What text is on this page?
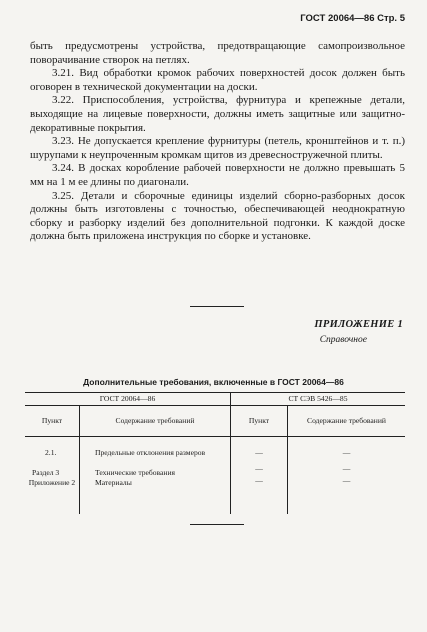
ГОСТ 20064—86 Стр. 5

быть предусмотрены устройства, предотвращающие самопроизвольное поворачивание створок на петлях.

3.21. Вид обработки кромок рабочих поверхностей досок должен быть оговорен в технической документации на доски.

3.22. Приспособления, устройства, фурнитура и крепежные детали, выходящие на лицевые поверхности, должны иметь защитные или защитно-декоративные покрытия.

3.23. Не допускается крепление фурнитуры (петель, кронштейнов и т. п.) шурупами к неупроченным кромкам щитов из древесностружечной плиты.

3.24. В досках коробление рабочей поверхности не должно превышать 5 мм на 1 м ее длины по диагонали.

3.25. Детали и сборочные единицы изделий сборно-разборных досок должны быть изготовлены с точностью, обеспечивающей неоднократную сборку и разборку изделий без дополнительной подгонки. К каждой доске должна быть приложена инструкция по сборке и установке.

ПРИЛОЖЕНИЕ 1
Справочное
Дополнительные требования, включенные в ГОСТ 20064—86
ГОСТ 20064—86	СТ СЭВ 5426—85
Пункт	Содержание требований	Пункт	Содержание требований
2.1.	Предельные отклонения размеров	—	—
Раздел 3	Технические требования	—	—
Приложение 2	Материалы	—	—
